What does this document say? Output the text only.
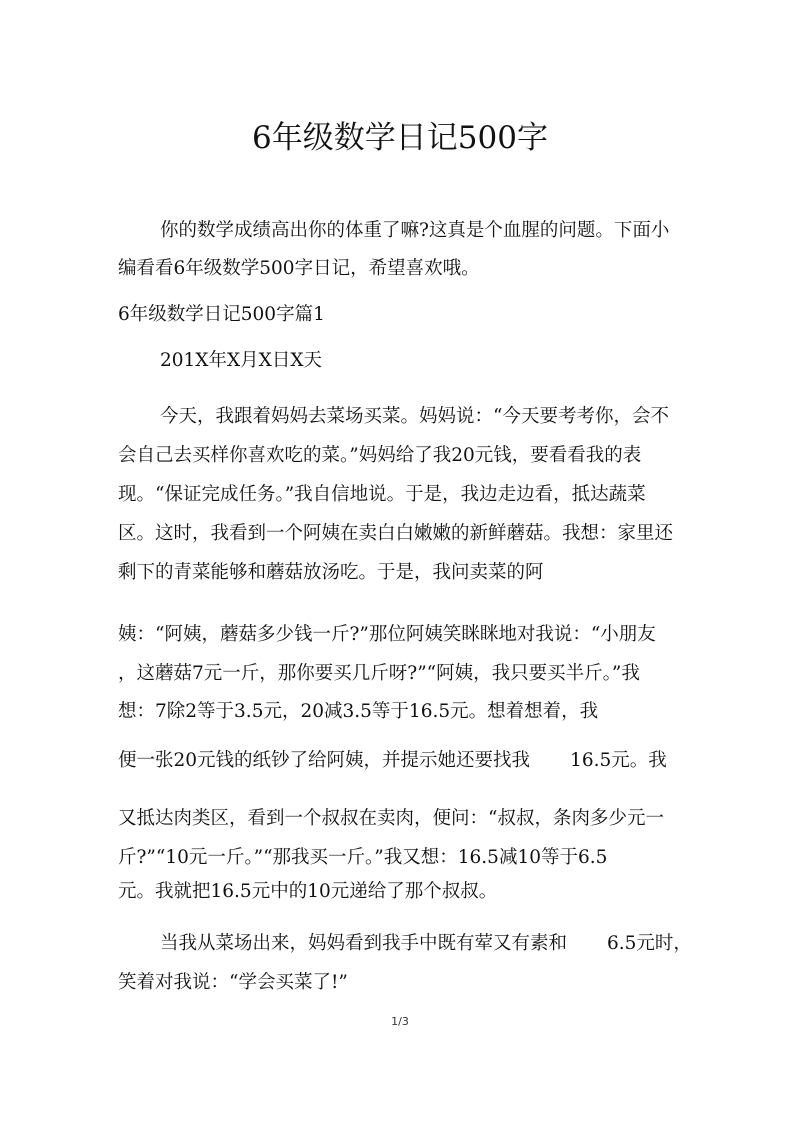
6年级数学日记500字
你的数学成绩高出你的体重了嘛?这真是个血腥的问题。下面小
编看看6年级数学500字日记，希望喜欢哦。
6年级数学日记500字篇1
201X年X月X日X天
今天，我跟着妈妈去菜场买菜。妈妈说：“今天要考考你，会不
会自己去买样你喜欢吃的菜。”妈妈给了我20元钱，要看看我的表
现。“保证完成任务。”我自信地说。于是，我边走边看，抵达蔬菜
区。这时，我看到一个阿姨在卖白白嫩嫩的新鲜蘑菇。我想：家里还
剩下的青菜能够和蘑菇放汤吃。于是，我问卖菜的阿
姨：“阿姨，蘑菇多少钱一斤?”那位阿姨笑眯眯地对我说：“小朋友
，这蘑菇7元一斤，那你要买几斤呀?”“阿姨，我只要买半斤。”我
想：7除2等于3.5元，20减3.5等于16.5元。想着想着，我
便一张20元钱的纸钞了给阿姨，并提示她还要找我 16.5元。我
又抵达肉类区，看到一个叔叔在卖肉，便问：“叔叔，条肉多少元一
斤?”“10元一斤。”“那我买一斤。”我又想：16.5减10等于6.5
元。我就把16.5元中的10元递给了那个叔叔。
当我从菜场出来，妈妈看到我手中既有荤又有素和 6.5元时，
笑着对我说：“学会买菜了!”
1/3
